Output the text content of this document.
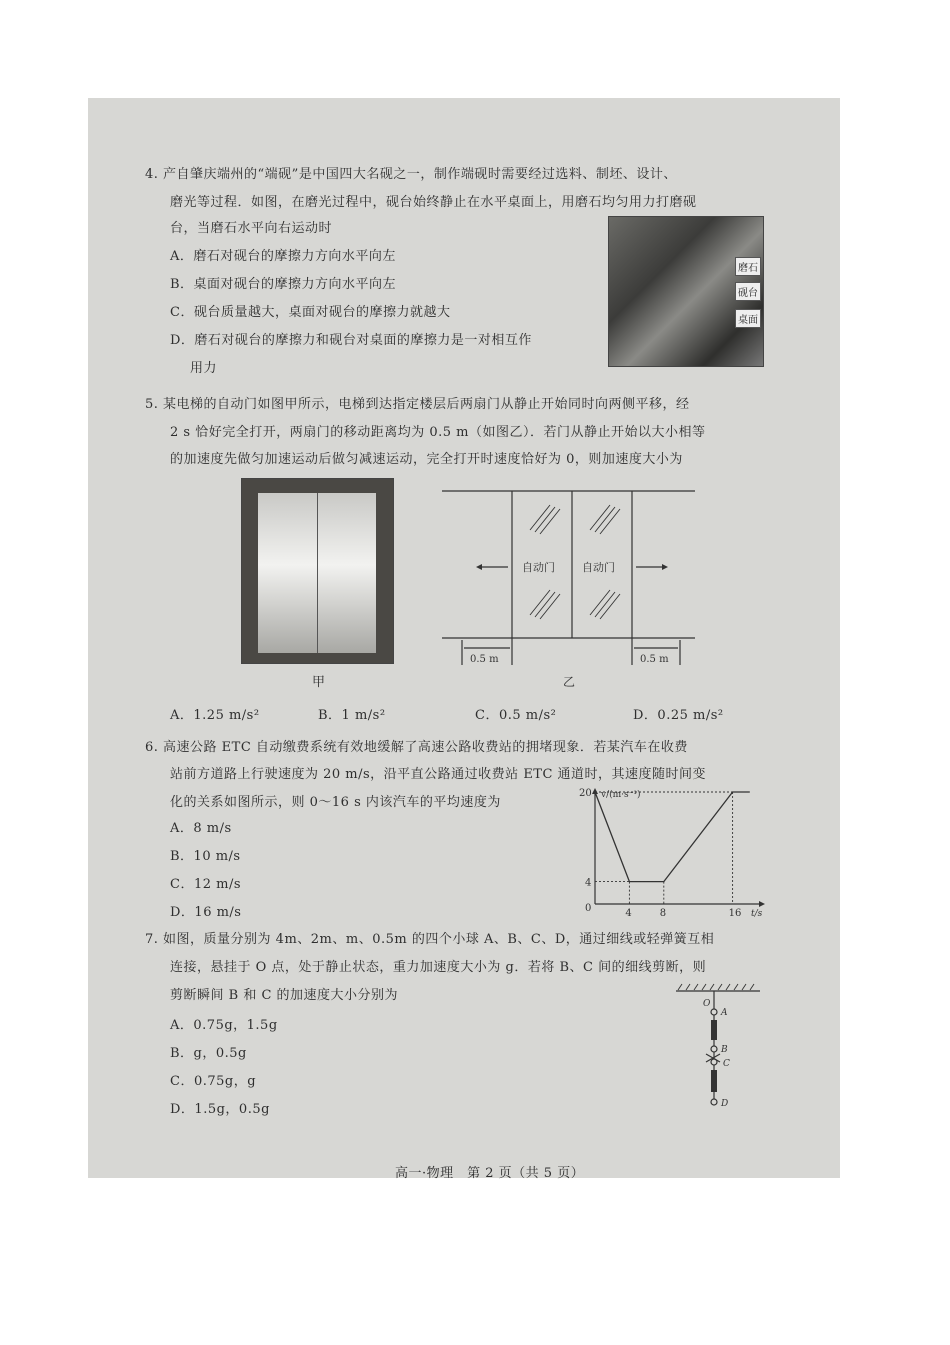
4. 产自肇庆端州的“端砚”是中国四大名砚之一，制作端砚时需要经过选料、制坯、设计、
磨光等过程．如图，在磨光过程中，砚台始终静止在水平桌面上，用磨石均匀用力打磨砚
台，当磨石水平向右运动时
A．磨石对砚台的摩擦力方向水平向左
B．桌面对砚台的摩擦力方向水平向左
C．砚台质量越大，桌面对砚台的摩擦力就越大
D．磨石对砚台的摩擦力和砚台对桌面的摩擦力是一对相互作
用力
磨石
砚台
桌面
5. 某电梯的自动门如图甲所示，电梯到达指定楼层后两扇门从静止开始同时向两侧平移，经
2 s 恰好完全打开，两扇门的移动距离均为 0.5 m（如图乙）．若门从静止开始以大小相等
的加速度先做匀加速运动后做匀减速运动，完全打开时速度恰好为 0，则加速度大小为
甲
自动门 自动门
0.5 m	0.5 m
乙
A．1.25 m/s²	B．1 m/s²	C．0.5 m/s²	D．0.25 m/s²
6. 高速公路 ETC 自动缴费系统有效地缓解了高速公路收费站的拥堵现象．若某汽车在收费
站前方道路上行驶速度为 20 m/s，沿平直公路通过收费站 ETC 通道时，其速度随时间变
化的关系如图所示，则 0～16 s 内该汽车的平均速度为
A．8 m/s
B．10 m/s
C．12 m/s
D．16 m/s
v/(m·s⁻¹)
t/s
0	4	8	16
4
20
7. 如图，质量分别为 4m、2m、m、0.5m 的四个小球 A、B、C、D，通过细线或轻弹簧互相
连接，悬挂于 O 点，处于静止状态，重力加速度大小为 g．若将 B、C 间的细线剪断，则
剪断瞬间 B 和 C 的加速度大小分别为
A．0.75g，1.5g
B．g，0.5g
C．0.75g，g
D．1.5g，0.5g
O
A
B
C
D
高一·物理　第 2 页（共 5 页）
